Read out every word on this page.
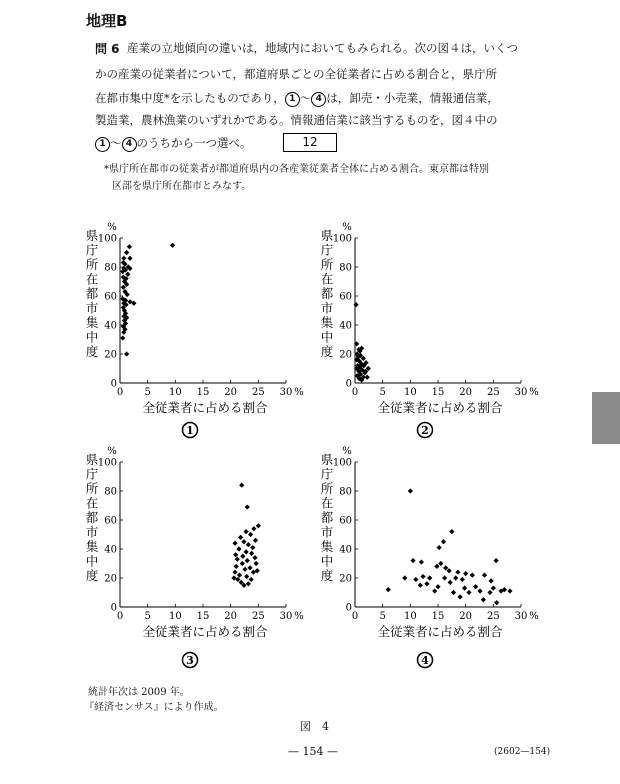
地理B
問 6 産業の立地傾向の違いは，地域内においてもみられる。次の図４は，いくつ
かの産業の従業者について，都道府県ごとの全従業者に占める割合と，県庁所
在都市集中度*を示したものであり， 1 〜 4 は，卸売・小売業，情報通信業，
製造業，農林漁業のいずれかである。情報通信業に該当するものを，図４中の
1 〜 4 のうちから一つ選べ。	12
*県庁所在都市の従業者が都道府県内の各産業従業者全体に占める割合。東京都は特別
区部を県庁所在都市とみなす。
0 5 10 15 20 25 30 %
0
20
40
60
80
100
%
県庁所在都市集中度
全従業者に占める割合
1
0 5 10 15 20 25 30 %
0
20
40
60
80
100
%
県庁所在都市集中度
全従業者に占める割合
2
0 5 10 15 20 25 30 %
0
20
40
60
80
100
%
県庁所在都市集中度
全従業者に占める割合
3
0 5 10 15 20 25 30 %
0
20
40
60
80
100
%
県庁所在都市集中度
全従業者に占める割合
4
統計年次は 2009 年。
『経済センサス』により作成。
図　4
— 154 —	(2602—154)
